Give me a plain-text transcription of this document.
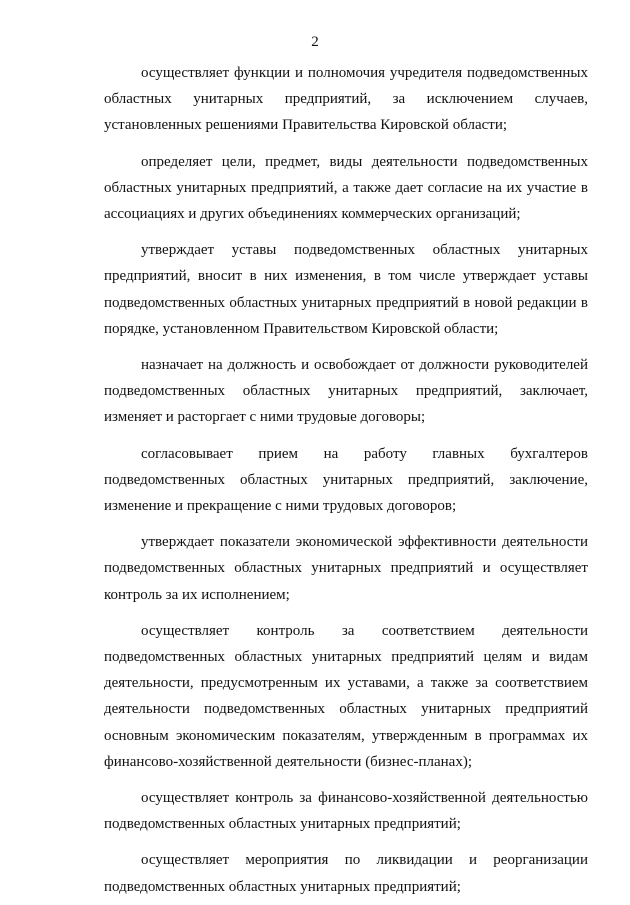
2

осуществляет функции и полномочия учредителя подведомственных областных унитарных предприятий, за исключением случаев, установленных решениями Правительства Кировской области;

определяет цели, предмет, виды деятельности подведомственных областных унитарных предприятий, а также дает согласие на их участие в ассоциациях и других объединениях коммерческих организаций;

утверждает уставы подведомственных областных унитарных предприятий, вносит в них изменения, в том числе утверждает уставы подведомственных областных унитарных предприятий в новой редакции в порядке, установленном Правительством Кировской области;

назначает на должность и освобождает от должности руководителей подведомственных областных унитарных предприятий, заключает, изменяет и расторгает с ними трудовые договоры;

согласовывает прием на работу главных бухгалтеров подведомственных областных унитарных предприятий, заключение, изменение и прекращение с ними трудовых договоров;

утверждает показатели экономической эффективности деятельности подведомственных областных унитарных предприятий и осуществляет контроль за их исполнением;

осуществляет контроль за соответствием деятельности подведомственных областных унитарных предприятий целям и видам деятельности, предусмотренным их уставами, а также за соответствием деятельности подведомственных областных унитарных предприятий основным экономическим показателям, утвержденным в программах их финансово-хозяйственной деятельности (бизнес-планах);

осуществляет контроль за финансово-хозяйственной деятельностью подведомственных областных унитарных предприятий;

осуществляет мероприятия по ликвидации и реорганизации подведомственных областных унитарных предприятий;
